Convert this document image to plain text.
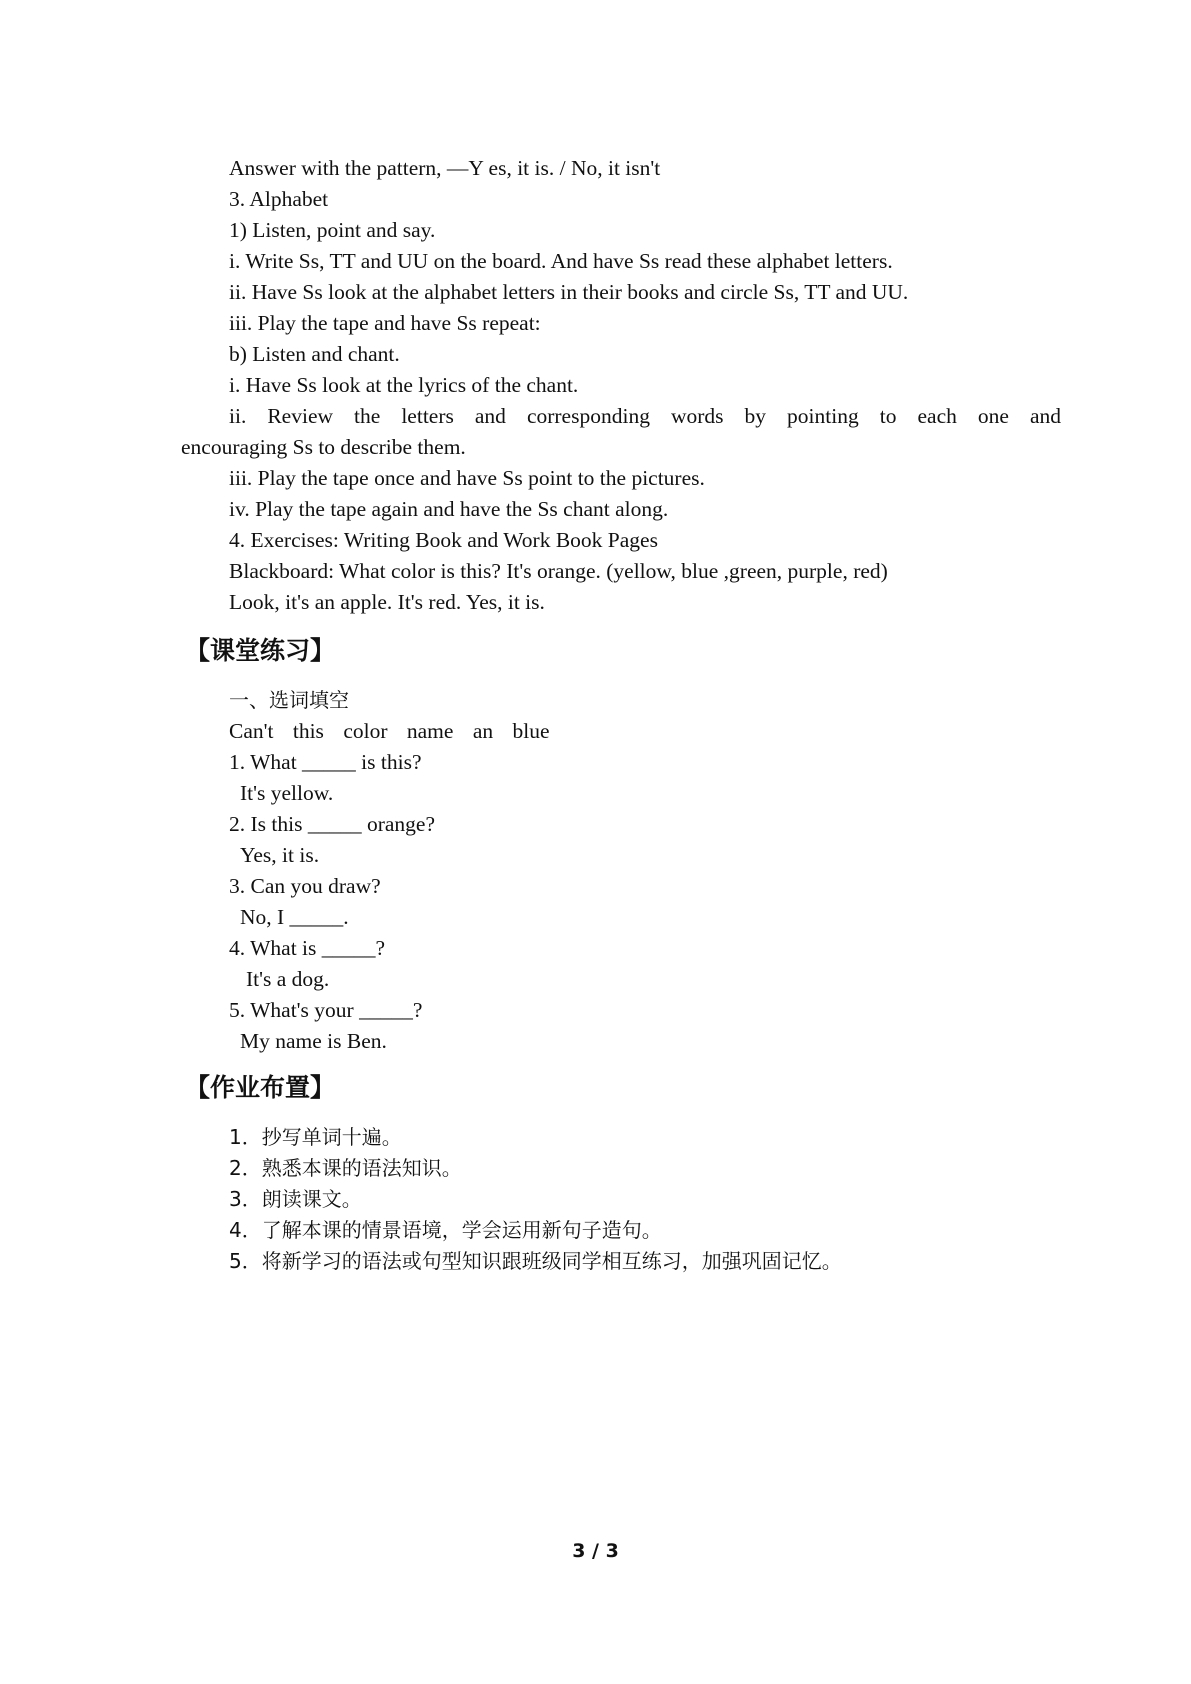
Answer with the pattern, —Y es, it is. / No, it isn't
3. Alphabet
1) Listen, point and say.
i. Write Ss, TT and UU on the board. And have Ss read these alphabet letters.
ii. Have Ss look at the alphabet letters in their books and circle Ss, TT and UU.
iii. Play the tape and have Ss repeat:
b) Listen and chant.
i. Have Ss look at the lyrics of the chant.
ii. Review the letters and corresponding words by pointing to each one and
encouraging Ss to describe them.
iii. Play the tape once and have Ss point to the pictures.
iv. Play the tape again and have the Ss chant along.
4. Exercises: Writing Book and Work Book Pages
Blackboard: What color is this? It's orange. (yellow, blue ,green, purple, red)
Look, it's an apple. It's red. Yes, it is.
【课堂练习】
一、选词填空
Can't this color name an blue
1. What _____ is this?
It's yellow.
2. Is this _____ orange?
Yes, it is.
3. Can you draw?
No, I _____.
4. What is _____?
It's a dog.
5. What's your _____?
My name is Ben.
【作业布置】
1．抄写单词十遍。
2．熟悉本课的语法知识。
3．朗读课文。
4．了解本课的情景语境，学会运用新句子造句。
5．将新学习的语法或句型知识跟班级同学相互练习，加强巩固记忆。
3 / 3
